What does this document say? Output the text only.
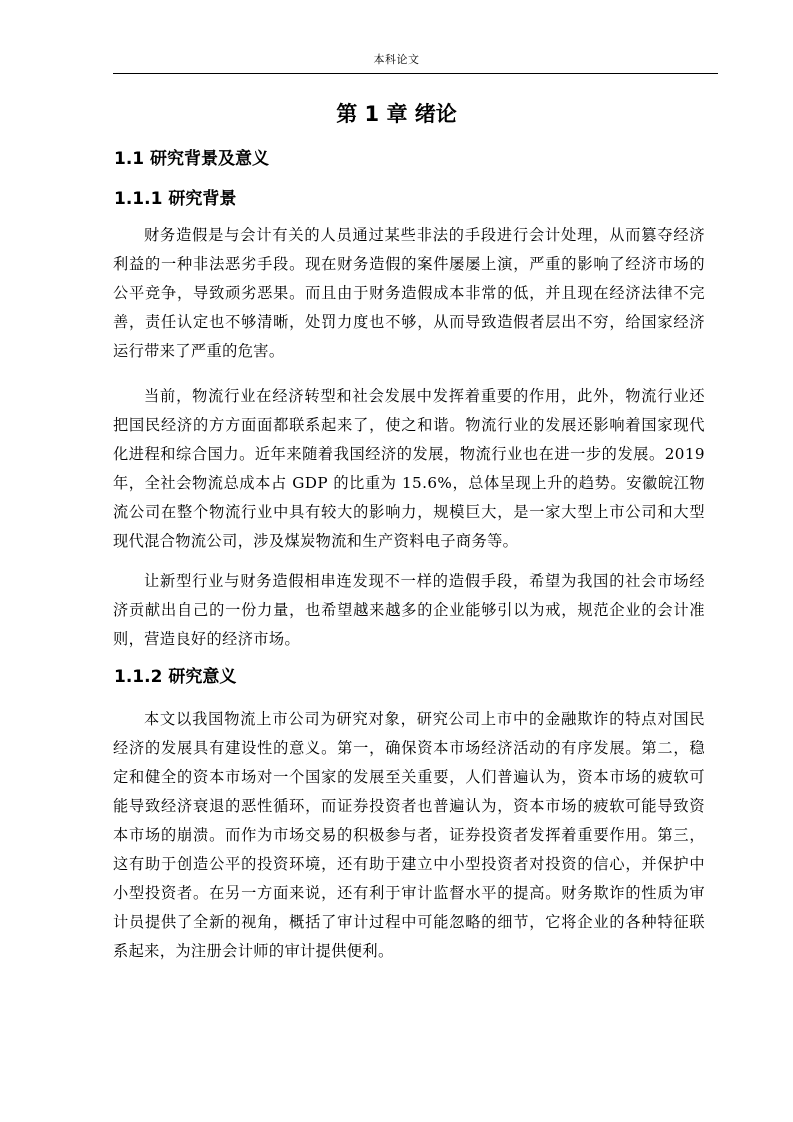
本科论文
第 1 章 绪论
1.1 研究背景及意义
1.1.1 研究背景

财务造假是与会计有关的人员通过某些非法的手段进行会计处理，从而篡夺经济利益的一种非法恶劣手段。现在财务造假的案件屡屡上演，严重的影响了经济市场的公平竞争，导致顽劣恶果。而且由于财务造假成本非常的低，并且现在经济法律不完善，责任认定也不够清晰，处罚力度也不够，从而导致造假者层出不穷，给国家经济运行带来了严重的危害。

当前，物流行业在经济转型和社会发展中发挥着重要的作用，此外，物流行业还把国民经济的方方面面都联系起来了，使之和谐。物流行业的发展还影响着国家现代化进程和综合国力。近年来随着我国经济的发展，物流行业也在进一步的发展。2019 年，全社会物流总成本占 GDP 的比重为 15.6%，总体呈现上升的趋势。安徽皖江物流公司在整个物流行业中具有较大的影响力，规模巨大，是一家大型上市公司和大型现代混合物流公司，涉及煤炭物流和生产资料电子商务等。

让新型行业与财务造假相串连发现不一样的造假手段，希望为我国的社会市场经济贡献出自己的一份力量，也希望越来越多的企业能够引以为戒，规范企业的会计准则，营造良好的经济市场。

1.1.2 研究意义

本文以我国物流上市公司为研究对象，研究公司上市中的金融欺诈的特点对国民经济的发展具有建设性的意义。第一，确保资本市场经济活动的有序发展。第二，稳定和健全的资本市场对一个国家的发展至关重要，人们普遍认为，资本市场的疲软可能导致经济衰退的恶性循环，而证券投资者也普遍认为，资本市场的疲软可能导致资本市场的崩溃。而作为市场交易的积极参与者，证券投资者发挥着重要作用。第三，这有助于创造公平的投资环境，还有助于建立中小型投资者对投资的信心，并保护中小型投资者。在另一方面来说，还有利于审计监督水平的提高。财务欺诈的性质为审计员提供了全新的视角，概括了审计过程中可能忽略的细节，它将企业的各种特征联系起来，为注册会计师的审计提供便利。
